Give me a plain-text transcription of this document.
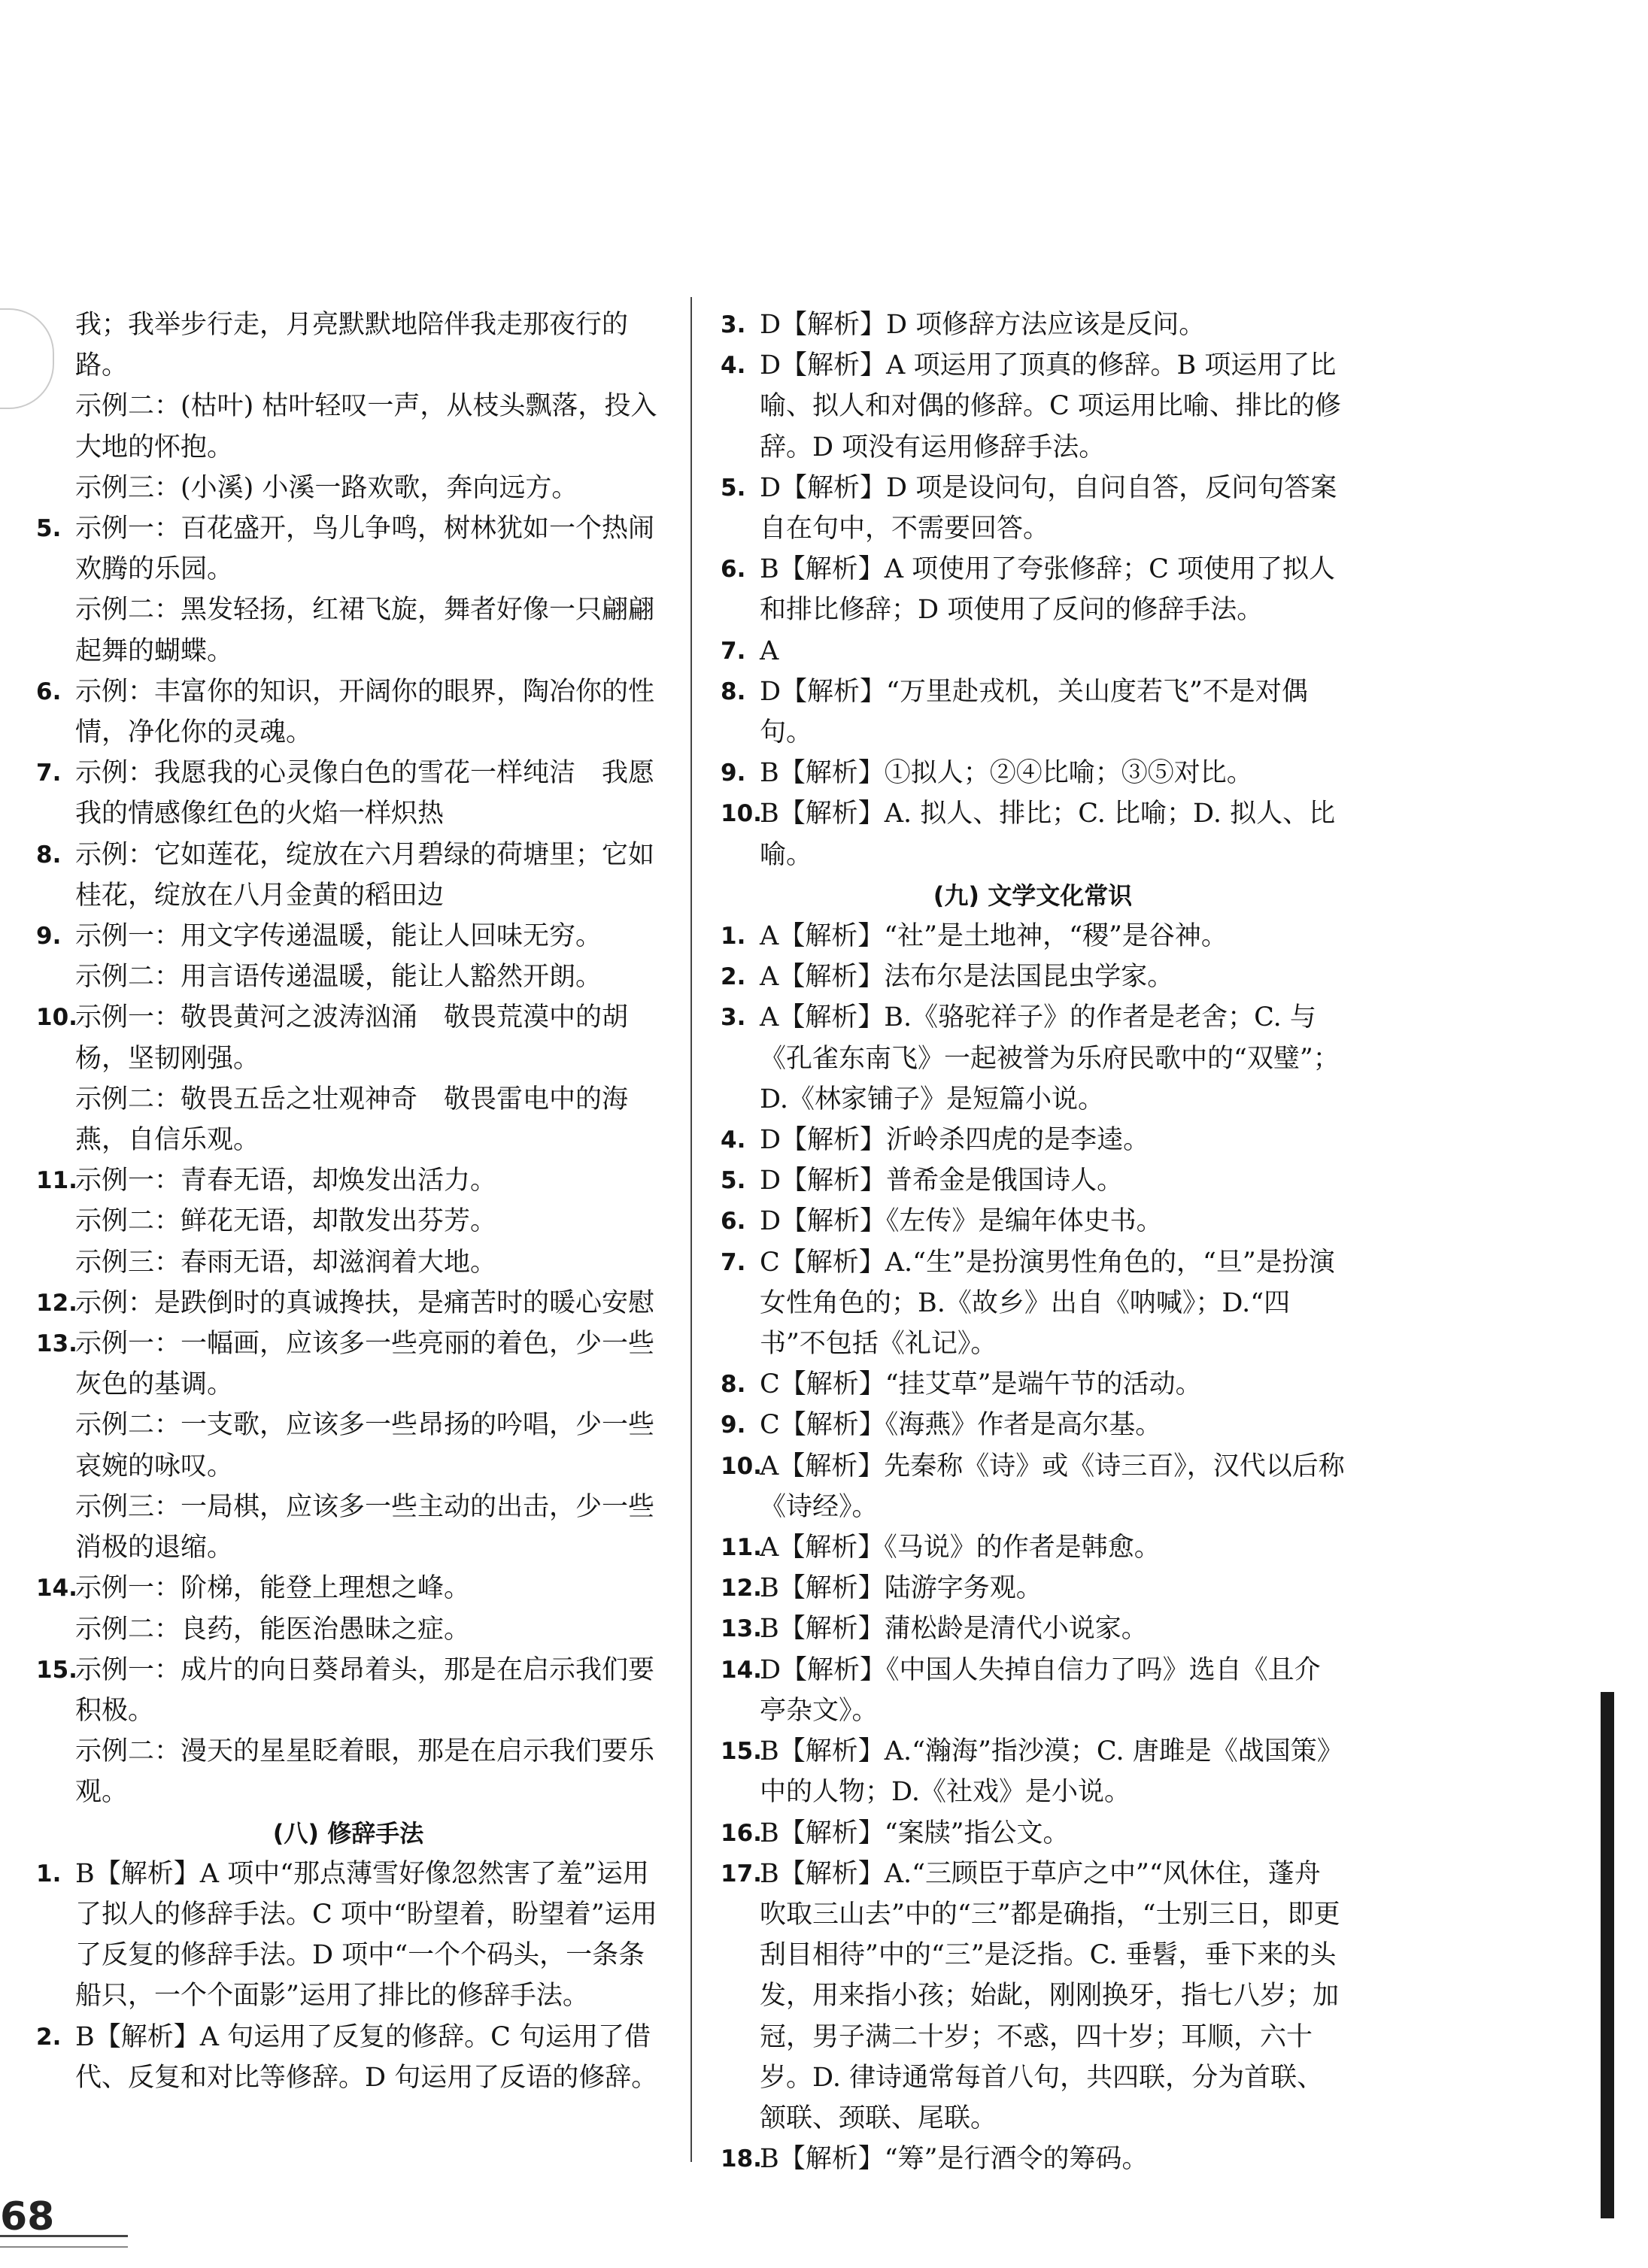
我；我举步行走，月亮默默地陪伴我走那夜行的路。
示例二：(枯叶) 枯叶轻叹一声，从枝头飘落，投入大地的怀抱。
示例三：(小溪) 小溪一路欢歌，奔向远方。
5. 示例一：百花盛开，鸟儿争鸣，树林犹如一个热闹欢腾的乐园。
示例二：黑发轻扬，红裙飞旋，舞者好像一只翩翩起舞的蝴蝶。
6. 示例：丰富你的知识，开阔你的眼界，陶冶你的性情，净化你的灵魂。
7. 示例：我愿我的心灵像白色的雪花一样纯洁　我愿我的情感像红色的火焰一样炽热
8. 示例：它如莲花，绽放在六月碧绿的荷塘里；它如桂花，绽放在八月金黄的稻田边
9. 示例一：用文字传递温暖，能让人回味无穷。
示例二：用言语传递温暖，能让人豁然开朗。
10.
示例一：敬畏黄河之波涛汹涌　敬畏荒漠中的胡杨，坚韧刚强。
示例二：敬畏五岳之壮观神奇　敬畏雷电中的海燕，自信乐观。
11.
示例一：青春无语，却焕发出活力。
示例二：鲜花无语，却散发出芬芳。
示例三：春雨无语，却滋润着大地。
12.
示例：是跌倒时的真诚搀扶，是痛苦时的暖心安慰
13.
示例一：一幅画，应该多一些亮丽的着色，少一些灰色的基调。
示例二：一支歌，应该多一些昂扬的吟唱，少一些哀婉的咏叹。
示例三：一局棋，应该多一些主动的出击，少一些消极的退缩。
14.
示例一：阶梯，能登上理想之峰。
示例二：良药，能医治愚昧之症。
15.
示例一：成片的向日葵昂着头，那是在启示我们要积极。
示例二：漫天的星星眨着眼，那是在启示我们要乐观。
(八) 修辞手法
1. B【解析】A 项中“那点薄雪好像忽然害了羞”运用了拟人的修辞手法。C 项中“盼望着，盼望着”运用了反复的修辞手法。D 项中“一个个码头，一条条船只，一个个面影”运用了排比的修辞手法。
2. B【解析】A 句运用了反复的修辞。C 句运用了借代、反复和对比等修辞。D 句运用了反语的修辞。
3. D【解析】D 项修辞方法应该是反问。
4. D【解析】A 项运用了顶真的修辞。B 项运用了比喻、拟人和对偶的修辞。C 项运用比喻、排比的修辞。D 项没有运用修辞手法。
5. D【解析】D 项是设问句，自问自答，反问句答案自在句中，不需要回答。
6. B【解析】A 项使用了夸张修辞；C 项使用了拟人和排比修辞；D 项使用了反问的修辞手法。
7. A
8. D【解析】“万里赴戎机，关山度若飞”不是对偶句。
9. B【解析】①拟人；②④比喻；③⑤对比。
10.
B【解析】A. 拟人、排比；C. 比喻；D. 拟人、比喻。
(九) 文学文化常识
1. A【解析】“社”是土地神，“稷”是谷神。
2. A【解析】法布尔是法国昆虫学家。
3. A【解析】B.《骆驼祥子》的作者是老舍；C. 与《孔雀东南飞》一起被誉为乐府民歌中的“双璧”；D.《林家铺子》是短篇小说。
4. D【解析】沂岭杀四虎的是李逵。
5. D【解析】普希金是俄国诗人。
6. D【解析】《左传》是编年体史书。
7. C【解析】A.“生”是扮演男性角色的，“旦”是扮演女性角色的；B.《故乡》出自《呐喊》；D.“四书”不包括《礼记》。
8. C【解析】“挂艾草”是端午节的活动。
9. C【解析】《海燕》作者是高尔基。
10.
A【解析】先秦称《诗》或《诗三百》，汉代以后称《诗经》。
11.
A【解析】《马说》的作者是韩愈。
12.
B【解析】陆游字务观。
13.
B【解析】蒲松龄是清代小说家。
14.
D【解析】《中国人失掉自信力了吗》选自《且介亭杂文》。
15.
B【解析】A.“瀚海”指沙漠；C. 唐雎是《战国策》中的人物；D.《社戏》是小说。
16.
B【解析】“案牍”指公文。
17.
B【解析】A.“三顾臣于草庐之中”“风休住，蓬舟吹取三山去”中的“三”都是确指，“士别三日，即更刮目相待”中的“三”是泛指。C. 垂髫，垂下来的头发，用来指小孩；始龀，刚刚换牙，指七八岁；加冠，男子满二十岁；不惑，四十岁；耳顺，六十岁。D. 律诗通常每首八句，共四联，分为首联、颔联、颈联、尾联。
18.
B【解析】“筹”是行酒令的筹码。
68
